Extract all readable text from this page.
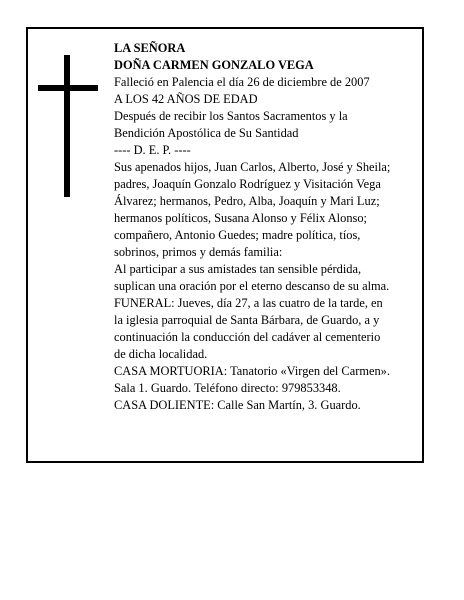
LA SEÑORA
DOÑA CARMEN GONZALO VEGA
Falleció en Palencia el día 26 de diciembre de 2007
A LOS 42 AÑOS DE EDAD
Después de recibir los Santos Sacramentos y la
Bendición Apostólica de Su Santidad
---- D. E. P. ----
Sus apenados hijos, Juan Carlos, Alberto, José y Sheila;
padres, Joaquín Gonzalo Rodríguez y Visitación Vega
Álvarez; hermanos, Pedro, Alba, Joaquín y Mari Luz;
hermanos políticos, Susana Alonso y Félix Alonso;
compañero, Antonio Guedes; madre política, tíos,
sobrinos, primos y demás familia:
Al participar a sus amistades tan sensible pérdida,
suplican una oración por el eterno descanso de su alma.
FUNERAL: Jueves, día 27, a las cuatro de la tarde, en
la iglesia parroquial de Santa Bárbara, de Guardo, a y
continuación la conducción del cadáver al cementerio
de dicha localidad.
CASA MORTUORIA: Tanatorio «Virgen del Carmen».
Sala 1. Guardo. Teléfono directo: 979853348.
CASA DOLIENTE: Calle San Martín, 3. Guardo.
